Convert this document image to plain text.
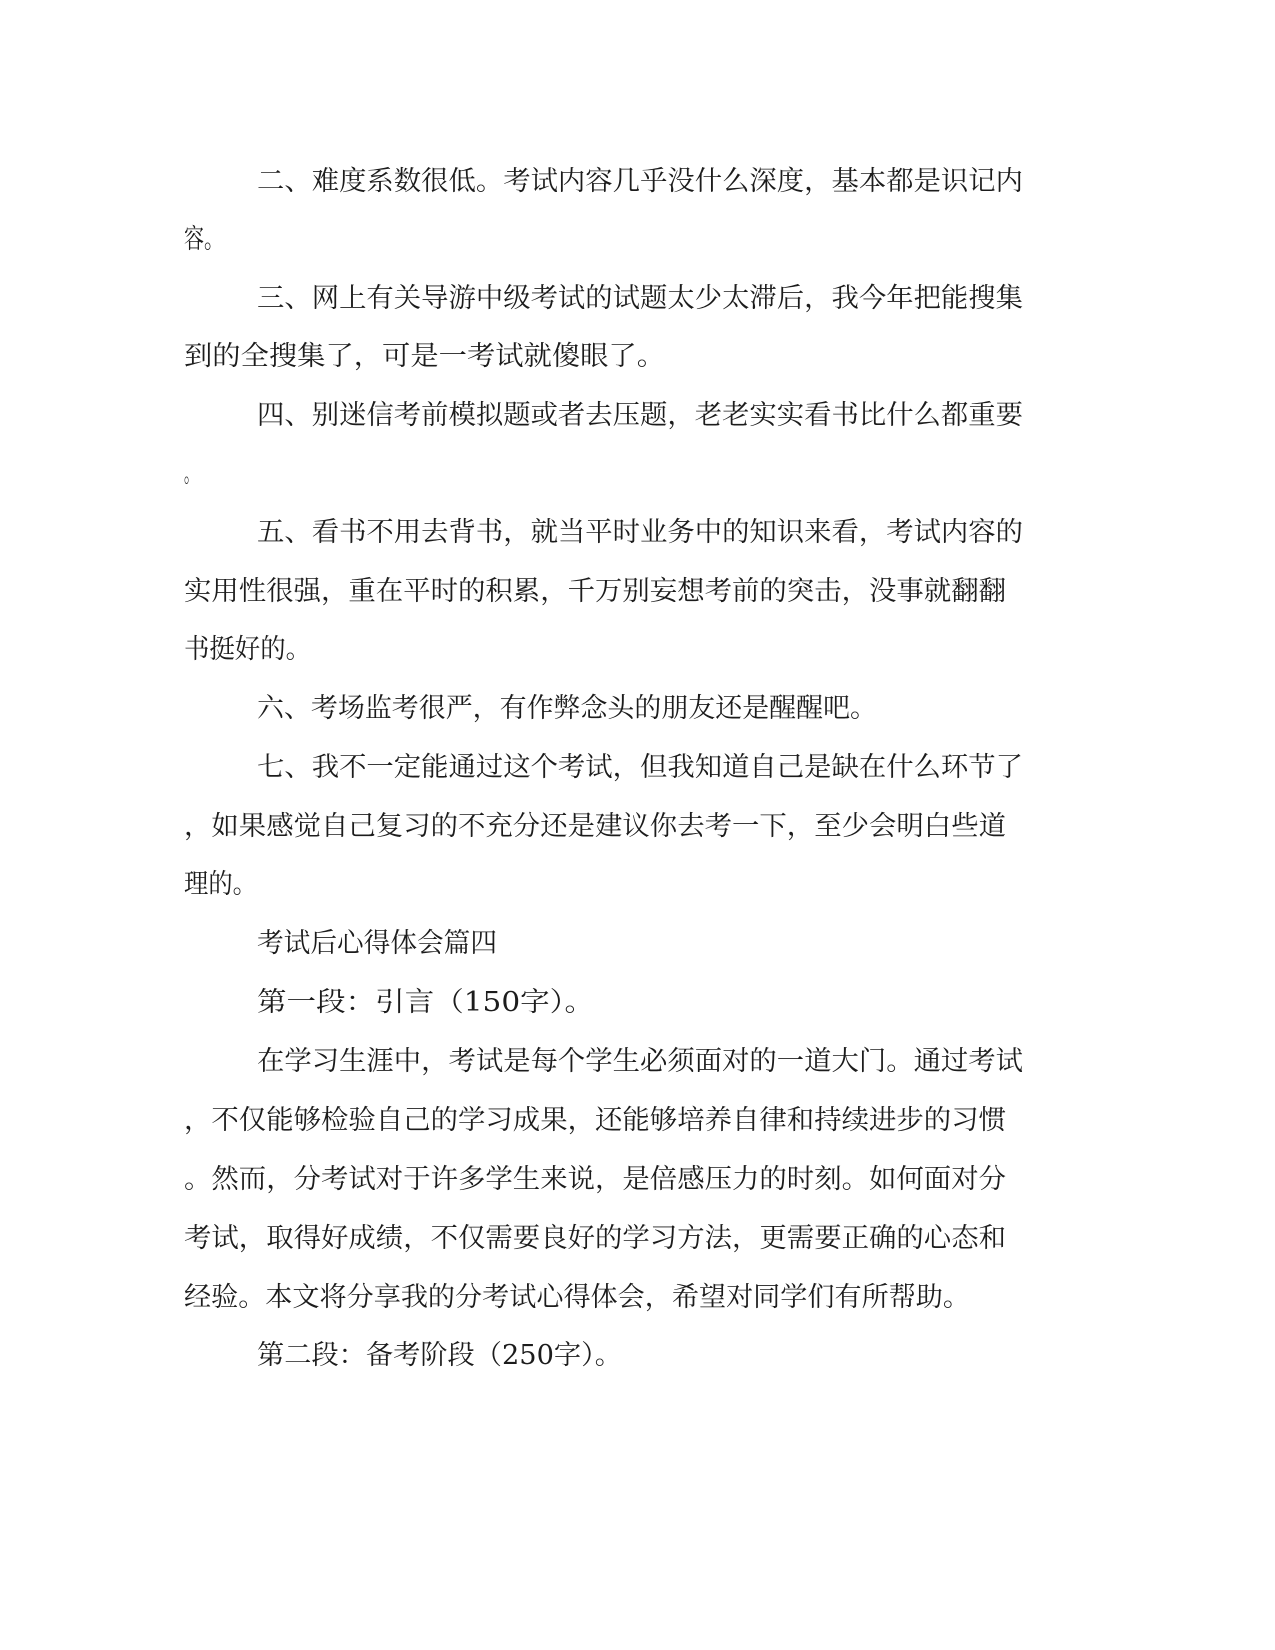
二、难度系数很低。考试内容几乎没什么深度，基本都是识记内
容。
三、网上有关导游中级考试的试题太少太滞后，我今年把能搜集
到的全搜集了，可是一考试就傻眼了。
四、别迷信考前模拟题或者去压题，老老实实看书比什么都重要
。
五、看书不用去背书，就当平时业务中的知识来看，考试内容的
实用性很强，重在平时的积累，千万别妄想考前的突击，没事就翻翻
书挺好的。
六、考场监考很严，有作弊念头的朋友还是醒醒吧。
七、我不一定能通过这个考试，但我知道自己是缺在什么环节了
，如果感觉自己复习的不充分还是建议你去考一下，至少会明白些道
理的。
考试后心得体会篇四
第一段：引言（150字）。
在学习生涯中，考试是每个学生必须面对的一道大门。通过考试
，不仅能够检验自己的学习成果，还能够培养自律和持续进步的习惯
。然而，分考试对于许多学生来说，是倍感压力的时刻。如何面对分
考试，取得好成绩，不仅需要良好的学习方法，更需要正确的心态和
经验。本文将分享我的分考试心得体会，希望对同学们有所帮助。
第二段：备考阶段（250字）。
